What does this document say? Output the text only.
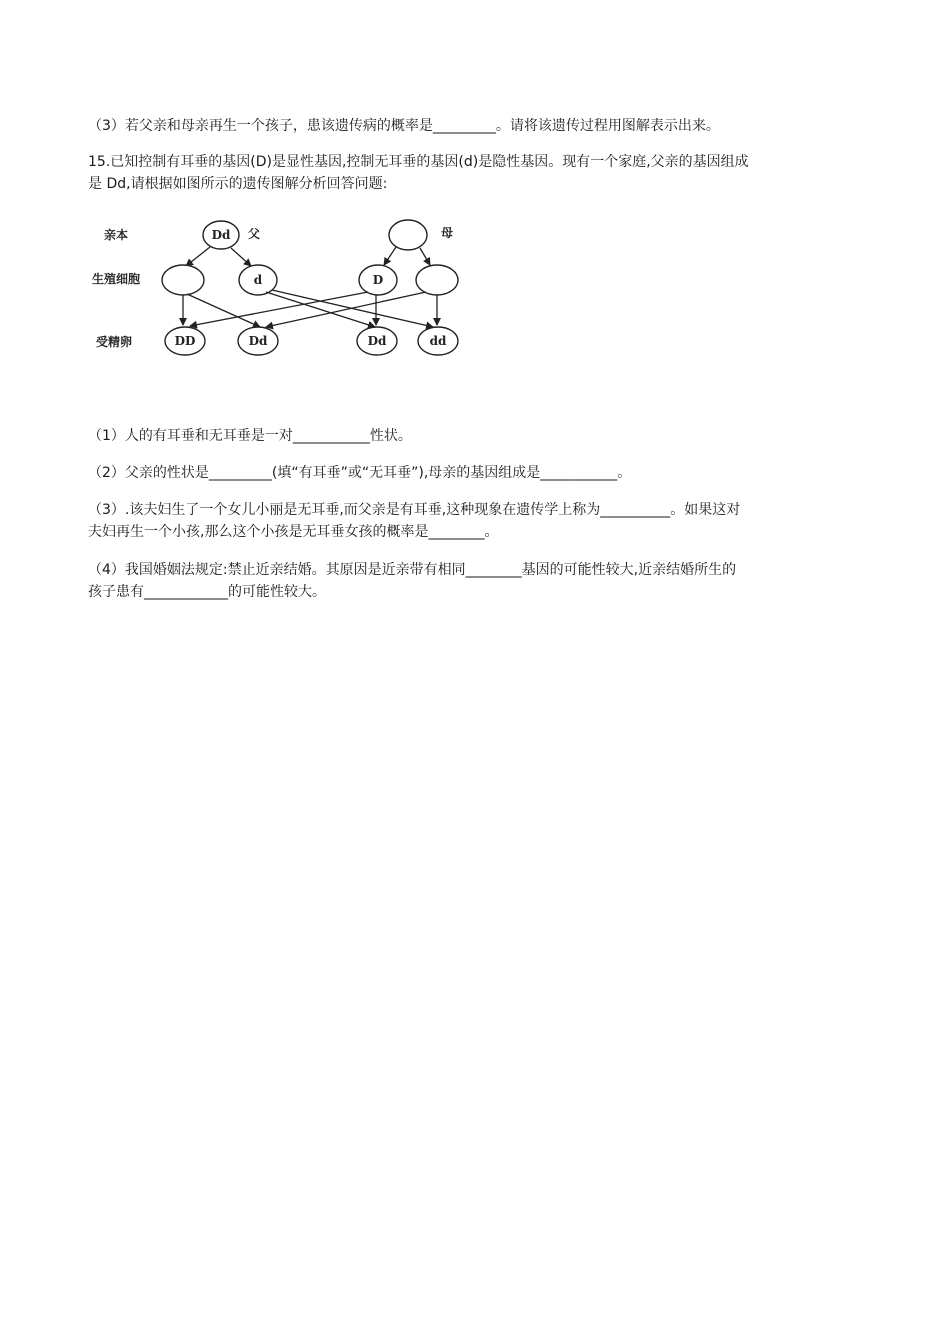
（3）若父亲和母亲再生一个孩子，患该遗传病的概率是_________。请将该遗传过程用图解表示出来。
15.已知控制有耳垂的基因(D)是显性基因,控制无耳垂的基因(d)是隐性基因。现有一个家庭,父亲的基因组成
是 Dd,请根据如图所示的遗传图解分析回答问题:
亲本
生殖细胞
受精卵
Dd 父	母
d	D
DD	Dd	Dd	dd
（1）人的有耳垂和无耳垂是一对___________性状。
（2）父亲的性状是_________(填“有耳垂”或“无耳垂”),母亲的基因组成是___________。
（3）.该夫妇生了一个女儿小丽是无耳垂,而父亲是有耳垂,这种现象在遗传学上称为__________。如果这对
夫妇再生一个小孩,那么这个小孩是无耳垂女孩的概率是________。
（4）我国婚姻法规定:禁止近亲结婚。其原因是近亲带有相同________基因的可能性较大,近亲结婚所生的
孩子患有____________的可能性较大。
